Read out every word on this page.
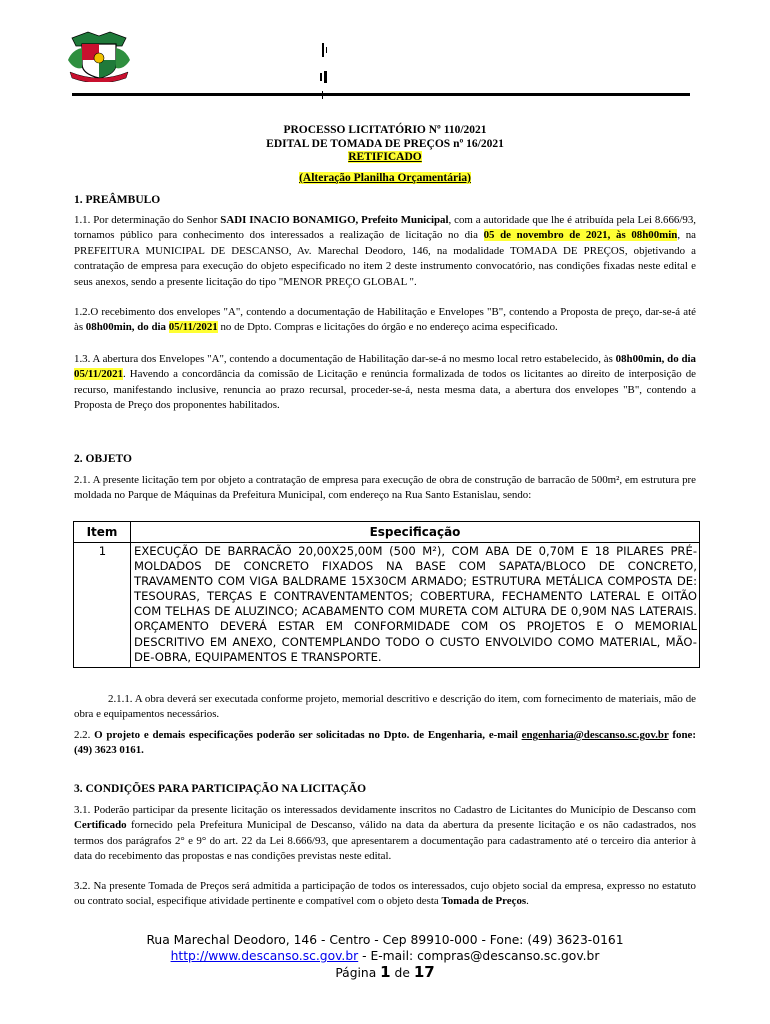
PROCESSO LICITATÓRIO Nº 110/2021
EDITAL DE TOMADA DE PREÇOS nº 16/2021
RETIFICADO
(Alteração Planilha Orçamentária)
1. PREÂMBULO
1.1. Por determinação do Senhor SADI INACIO BONAMIGO, Prefeito Municipal, com a autoridade que lhe é atribuída pela Lei 8.666/93, tornamos público para conhecimento dos interessados a realização de licitação no dia 05 de novembro de 2021, às 08h00min, na PREFEITURA MUNICIPAL DE DESCANSO, Av. Marechal Deodoro, 146, na modalidade TOMADA DE PREÇOS, objetivando a contratação de empresa para execução do objeto especificado no item 2 deste instrumento convocatório, nas condições fixadas neste edital e seus anexos, sendo a presente licitação do tipo "MENOR PREÇO GLOBAL ".
1.2.O recebimento dos envelopes "A", contendo a documentação de Habilitação e Envelopes "B", contendo a Proposta de preço, dar-se-á até às 08h00min, do dia 05/11/2021 no de Dpto. Compras e licitações do órgão e no endereço acima especificado.
1.3. A abertura dos Envelopes "A", contendo a documentação de Habilitação dar-se-á no mesmo local retro estabelecido, às 08h00min, do dia 05/11/2021. Havendo a concordância da comissão de Licitação e renúncia formalizada de todos os licitantes ao direito de interposição de recurso, manifestando inclusive, renuncia ao prazo recursal, proceder-se-á, nesta mesma data, a abertura dos envelopes "B", contendo a Proposta de Preço dos proponentes habilitados.
2. OBJETO
2.1. A presente licitação tem por objeto a contratação de empresa para execução de obra de construção de barracão de 500m², em estrutura pre moldada no Parque de Máquinas da Prefeitura Municipal, com endereço na Rua Santo Estanislau, sendo:
Item	Especificação
1	EXECUÇÃO DE BARRACÃO 20,00X25,00M (500 M²), COM ABA DE 0,70M E 18 PILARES PRÉ-MOLDADOS DE CONCRETO FIXADOS NA BASE COM SAPATA/BLOCO DE CONCRETO, TRAVAMENTO COM VIGA BALDRAME 15X30CM ARMADO; ESTRUTURA METÁLICA COMPOSTA DE: TESOURAS, TERÇAS E CONTRAVENTAMENTOS; COBERTURA, FECHAMENTO LATERAL E OITÃO COM TELHAS DE ALUZINCO; ACABAMENTO COM MURETA COM ALTURA DE 0,90M NAS LATERAIS. ORÇAMENTO DEVERÁ ESTAR EM CONFORMIDADE COM OS PROJETOS E O MEMORIAL DESCRITIVO EM ANEXO, CONTEMPLANDO TODO O CUSTO ENVOLVIDO COMO MATERIAL, MÃO-DE-OBRA, EQUIPAMENTOS E TRANSPORTE.
2.1.1. A obra deverá ser executada conforme projeto, memorial descritivo e descrição do item, com fornecimento de materiais, mão de obra e equipamentos necessários.
2.2. O projeto e demais especificações poderão ser solicitadas no Dpto. de Engenharia, e-mail engenharia@descanso.sc.gov.br fone: (49) 3623 0161.
3. CONDIÇÕES PARA PARTICIPAÇÃO NA LICITAÇÃO
3.1. Poderão participar da presente licitação os interessados devidamente inscritos no Cadastro de Licitantes do Município de Descanso com Certificado fornecido pela Prefeitura Municipal de Descanso, válido na data da abertura da presente licitação e os não cadastrados, nos termos dos parágrafos 2° e 9° do art. 22 da Lei 8.666/93, que apresentarem a documentação para cadastramento até o terceiro dia anterior à data do recebimento das propostas e nas condições previstas neste edital.
3.2. Na presente Tomada de Preços será admitida a participação de todos os interessados, cujo objeto social da empresa, expresso no estatuto ou contrato social, especifique atividade pertinente e compatível com o objeto desta Tomada de Preços.
Rua Marechal Deodoro, 146 - Centro - Cep 89910-000 - Fone: (49) 3623-0161
http://www.descanso.sc.gov.br - E-mail: compras@descanso.sc.gov.br
Página 1 de 17
